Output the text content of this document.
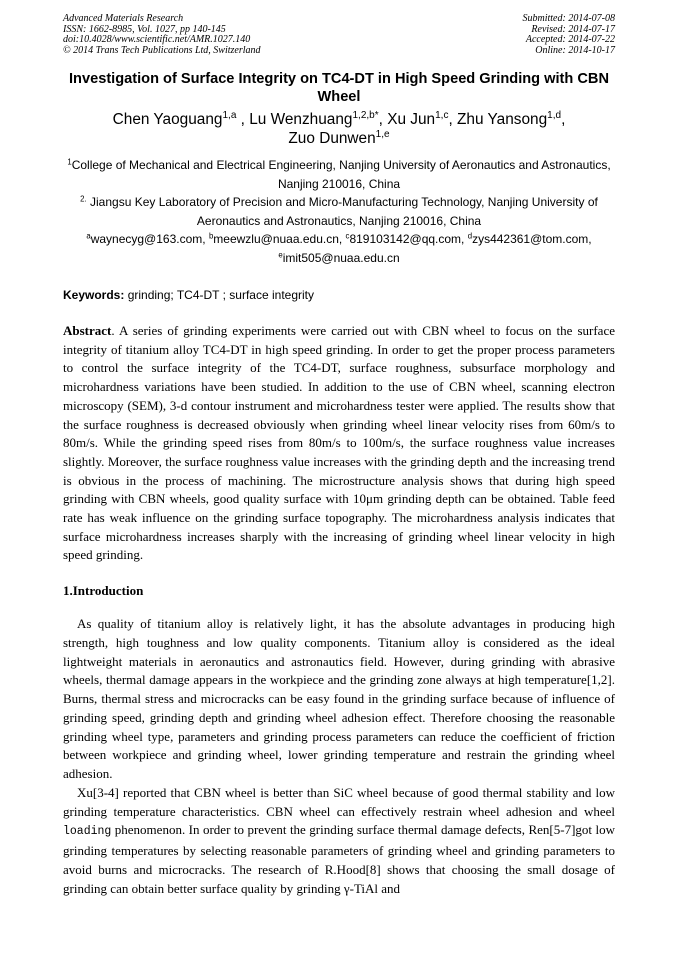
Advanced Materials Research
ISSN: 1662-8985, Vol. 1027, pp 140-145
doi:10.4028/www.scientific.net/AMR.1027.140
© 2014 Trans Tech Publications Ltd, Switzerland
Submitted: 2014-07-08
Revised: 2014-07-17
Accepted: 2014-07-22
Online: 2014-10-17
Investigation of Surface Integrity on TC4-DT in High Speed Grinding with CBN Wheel
Chen Yaoguang$^{1,a}$ , Lu Wenzhuang$^{1,2,b*}$, Xu Jun$^{1,c}$, Zhu Yansong$^{1,d}$,
Zuo Dunwen$^{1,e}$
$^1$College of Mechanical and Electrical Engineering, Nanjing University of Aeronautics and Astronautics, Nanjing 210016, China
$^{2.}$ Jiangsu Key Laboratory of Precision and Micro-Manufacturing Technology, Nanjing University of Aeronautics and Astronautics, Nanjing 210016, China
$^a$waynecyg@163.com, $^b$meewzlu@nuaa.edu.cn, $^c$819103142@qq.com, $^d$zys442361@tom.com,
$^e$imit505@nuaa.edu.cn
Keywords: grinding; TC4-DT ; surface integrity
Abstract. A series of grinding experiments were carried out with CBN wheel to focus on the surface integrity of titanium alloy TC4-DT in high speed grinding. In order to get the proper process parameters to control the surface integrity of the TC4-DT, surface roughness, subsurface morphology and microhardness variations have been studied. In addition to the use of CBN wheel, scanning electron microscopy (SEM), 3-d contour instrument and microhardness tester were applied. The results show that the surface roughness is decreased obviously when grinding wheel linear velocity rises from 60m/s to 80m/s. While the grinding speed rises from 80m/s to 100m/s, the surface roughness value increases slightly. Moreover, the surface roughness value increases with the grinding depth and the increasing trend is obvious in the process of machining. The microstructure analysis shows that during high speed grinding with CBN wheels, good quality surface with 10μm grinding depth can be obtained. Table feed rate has weak influence on the grinding surface topography. The microhardness analysis indicates that surface microhardness increases sharply with the increasing of grinding wheel linear velocity in high speed grinding.
1.Introduction

As quality of titanium alloy is relatively light, it has the absolute advantages in producing high strength, high toughness and low quality components. Titanium alloy is considered as the ideal lightweight materials in aeronautics and astronautics field. However, during grinding with abrasive wheels, thermal damage appears in the workpiece and the grinding zone always at high temperature[1,2]. Burns, thermal stress and microcracks can be easy found in the grinding surface because of influence of grinding speed, grinding depth and grinding wheel adhesion effect. Therefore choosing the reasonable grinding wheel type, parameters and grinding process parameters can reduce the coefficient of friction between workpiece and grinding wheel, lower grinding temperature and restrain the grinding wheel adhesion.

Xu[3-4] reported that CBN wheel is better than SiC wheel because of good thermal stability and low grinding temperature characteristics. CBN wheel can effectively restrain wheel adhesion and wheel loading phenomenon. In order to prevent the grinding surface thermal damage defects, Ren[5-7]got low grinding temperatures by selecting reasonable parameters of grinding wheel and grinding parameters to avoid burns and microcracks. The research of R.Hood[8] shows that choosing the small dosage of grinding can obtain better surface quality by grinding γ-TiAl and
